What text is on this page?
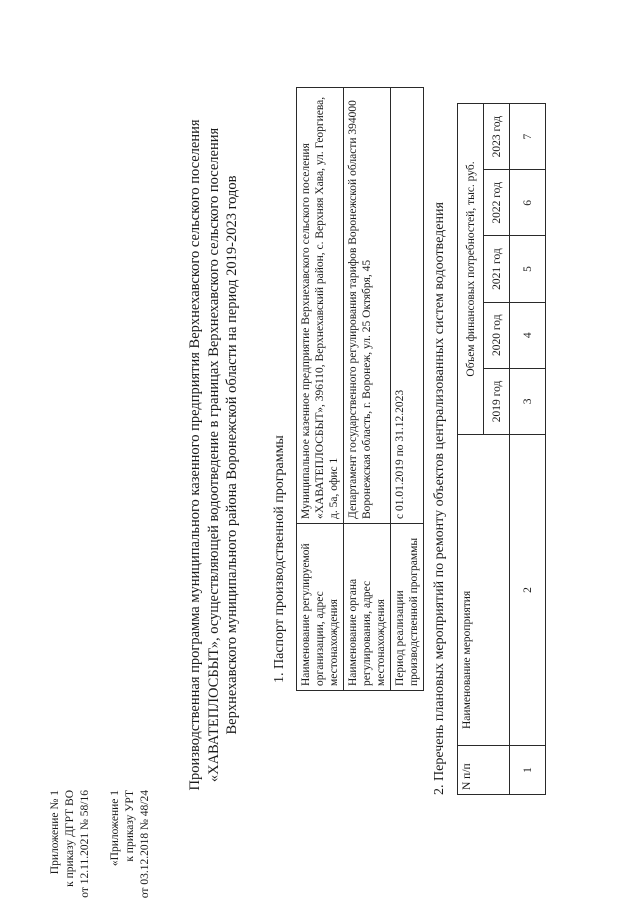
Приложение № 1 к приказу ДГРТ ВО от 12.11.2021 № 58/16 «Приложение 1 к приказу УРТ от 03.12.2018 № 48/24
Производственная программа муниципального казенного предприятия Верхнехавского сельского поселения «ХАВАТЕПЛОСБЫТ», осуществляющей водоотведение в границах Верхнехавского сельского поселения Верхнехавского муниципального района Воронежской области на период 2019-2023 годов 1. Паспорт производственной программы Наименование регулируемой организации, адрес местонахождения	Муниципальное казенное предприятие Верхнехавского сельского поселения «ХАВАТЕПЛОСБЫТ», 396110, Верхнехавский район, с. Верхняя Хава, ул. Георгиева, д. 5а, офис 1
Наименование органа регулирования, адрес местонахождения	Департамент государственного регулирования тарифов Воронежской области 394000 Воронежская область, г. Воронеж, ул. 25 Октября, 45
Период реализации производственной программы	с 01.01.2019 по 31.12.2023 2. Перечень плановых мероприятий по ремонту объектов централизованных систем водоотведения N п/п	Наименование мероприятия	Объем финансовых потребностей, тыс. руб.				
		2019 год	2020 год	2021 год	2022 год	2023 год
1	2	3	4	5	6	7
